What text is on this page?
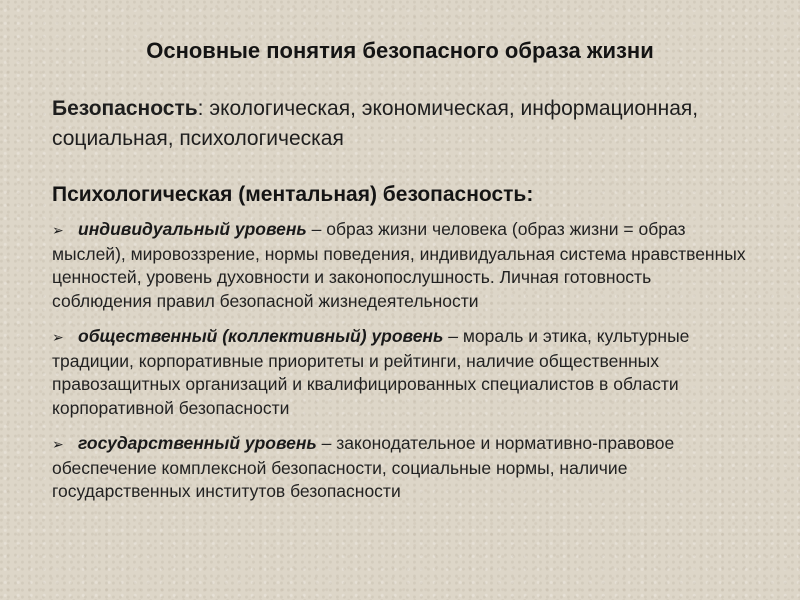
Основные понятия безопасного образа жизни
Безопасность: экологическая, экономическая, информационная, социальная, психологическая
Психологическая (ментальная) безопасность:
➢ индивидуальный уровень – образ жизни человека (образ жизни = образ мыслей), мировоззрение, нормы поведения, индивидуальная система нравственных ценностей, уровень духовности и законопослушность. Личная готовность соблюдения правил безопасной жизнедеятельности
➢ общественный (коллективный) уровень – мораль и этика, культурные традиции, корпоративные приоритеты и рейтинги, наличие общественных правозащитных организаций и квалифицированных специалистов в области корпоративной безопасности
➢ государственный уровень – законодательное и нормативно-правовое обеспечение комплексной безопасности, социальные нормы, наличие государственных институтов безопасности
